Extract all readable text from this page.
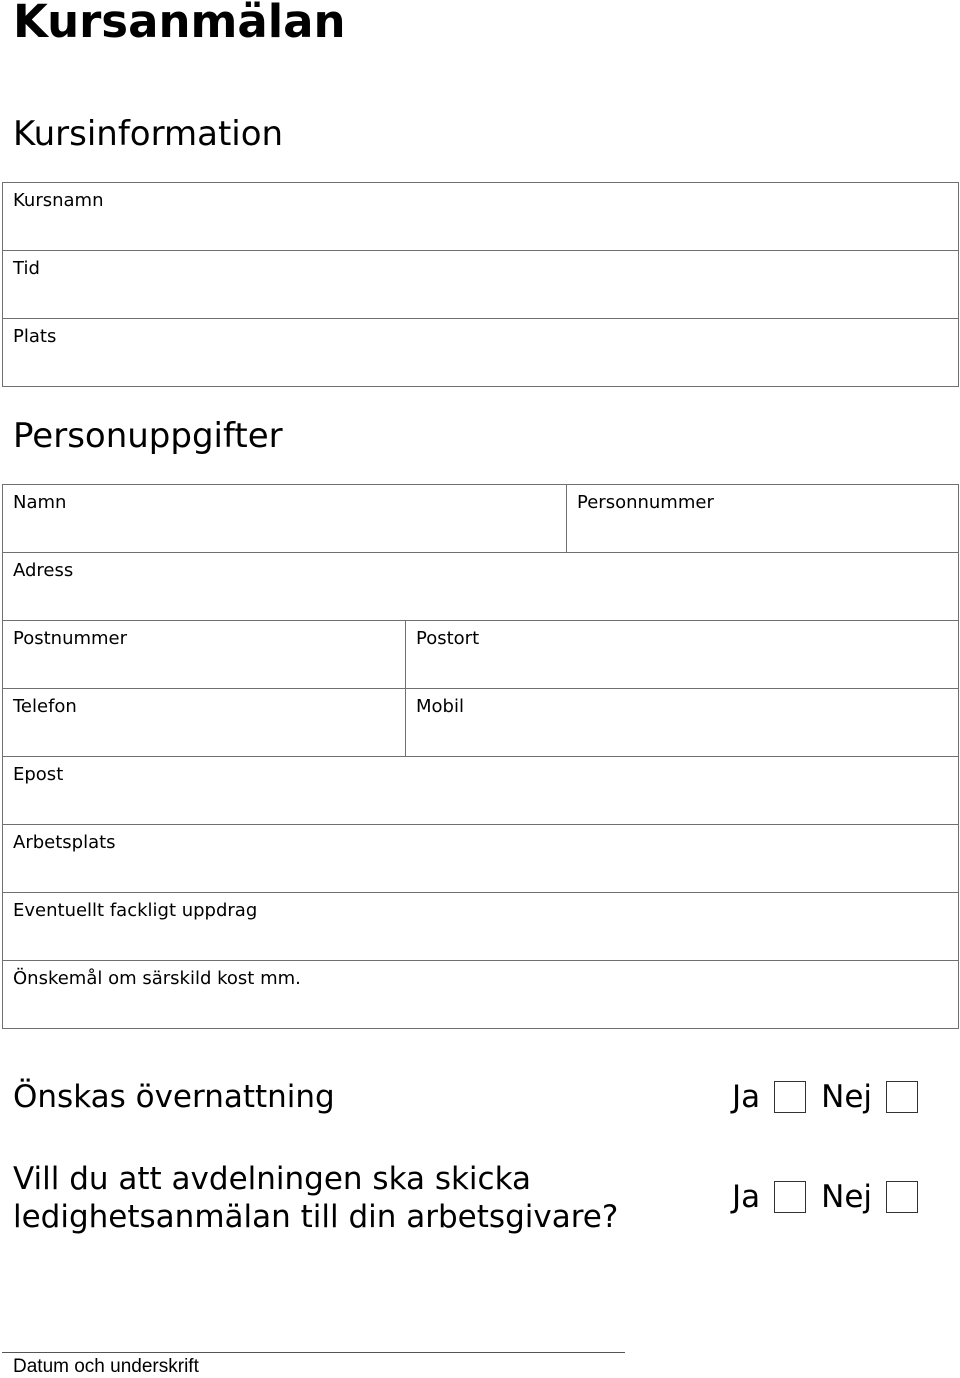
Kursanmälan
Kursinformation
Kursnamn
Tid
Plats
Personuppgifter
Namn	Personnummer
Adress
Postnummer	Postort
Telefon	Mobil
Epost
Arbetsplats
Eventuellt fackligt uppdrag
Önskemål om särskild kost mm.
Önskas övernattning	Ja Nej
Vill du att avdelningen ska skicka
ledighetsanmälan till din arbetsgivare?
Ja Nej
Datum och underskrift
